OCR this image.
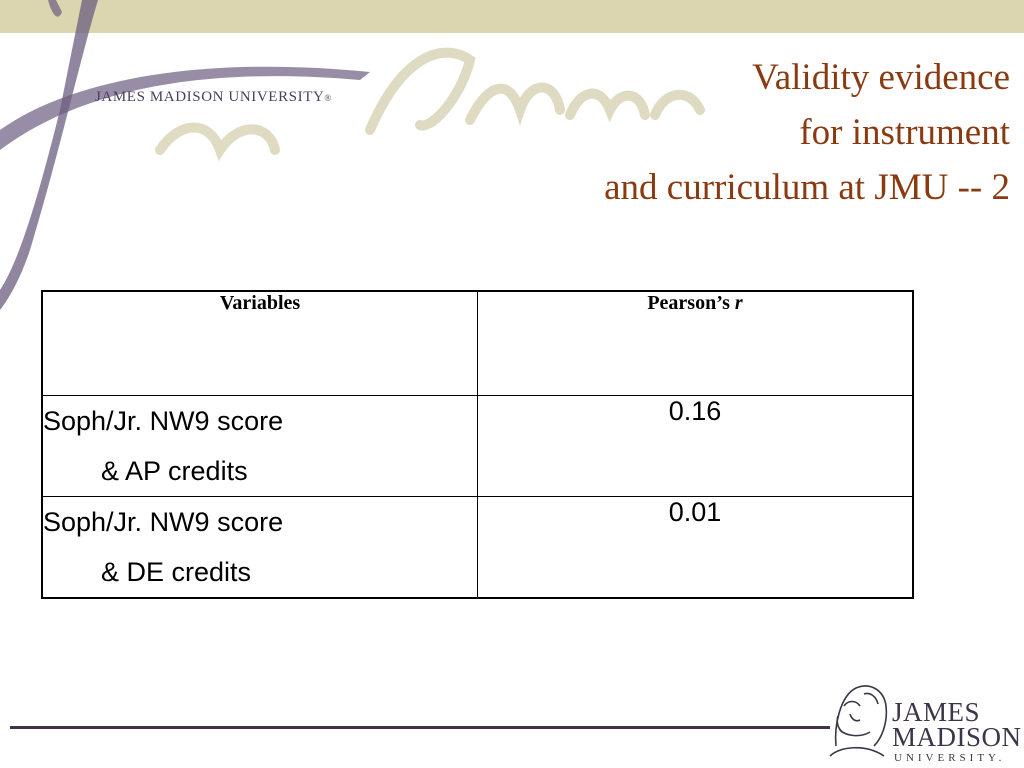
JAMES MADISON UNIVERSITY®	Validity evidence
for instrument
and curriculum at JMU -- 2
Variables	Pearson’s r

Soph/Jr. NW9 score
& AP credits	0.16

Soph/Jr. NW9 score
& DE credits	0.01
JAMES
MADISON
UNIVERSITY.
